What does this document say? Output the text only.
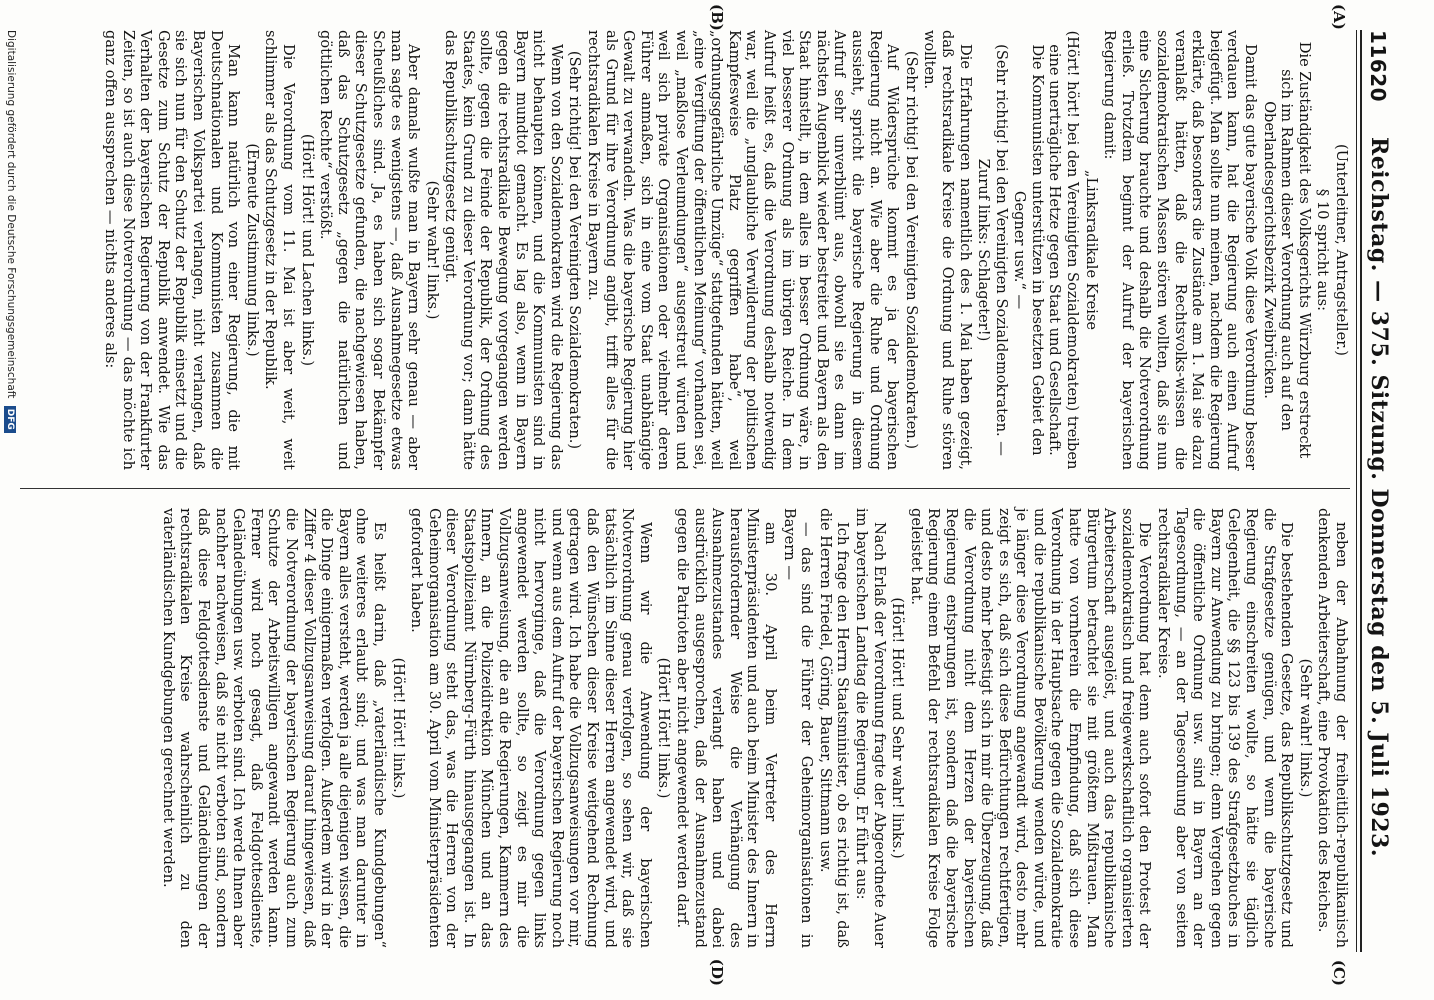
11620
Reichstag. — 375. Sitzung. Donnerstag den 5. Juli 1923.
(A)
(B)
(C)
(D)

(Unterleitner, Antragsteller.)

§ 10 spricht aus:

Die Zuständigkeit des Volksgerichts Würzburg erstreckt sich im Rahmen dieser Verordnung auch auf den Oberlandesgerichtsbezirk Zweibrücken.

Damit das gute bayerische Volk diese Verordnung besser verdauen kann, hat die Regierung auch einen Aufruf beigefügt. Man sollte nun meinen, nachdem die Regierung erklärte, daß besonders die Zustände am 1. Mai sie dazu veranlaßt hätten, daß die Rechtsvolks-wissen die sozialdemokratischen Massen stören wollten, daß sie nun eine Sicherung brauchte und deshalb die Notverordnung erließ. Trotzdem beginnt der Aufruf der bayerischen Regierung damit:

„Linksradikale Kreise

(Hört! hört! bei den Vereinigten Sozialdemokraten) treiben eine unerträgliche Hetze gegen Staat und Gesellschaft. Die Kommunisten unterstützen in besetzten Gebiet den Gegner usw.“ —

(Sehr richtig! bei den Vereinigten Sozialdemokraten. — Zuruf links: Schlageter!)

Die Erfahrungen namentlich des 1. Mai haben gezeigt, daß rechtsradikale Kreise die Ordnung und Ruhe stören wollten.

(Sehr richtig! bei den Vereinigten Sozialdemokraten.)

Auf Widersprüche kommt es ja der bayerischen Regierung nicht an. Wie aber die Ruhe und Ordnung aussieht, spricht die bayerische Regierung in diesem Aufruf sehr unverblümt aus, obwohl sie es dann im nächsten Augenblick wieder bestreitet und Bayern als den Staat hinstellt, in dem alles in besser Ordnung wäre, in viel besserer Ordnung als im übrigen Reiche. In dem Aufruf heißt es, daß die Verordnung deshalb notwendig war, weil die „unglaubliche Verwilderung der politischen Kampfesweise Platz gegriffen habe“, weil „ordnungsgefährliche Umzüge“ stattgefunden hätten, weil „eine Vergiftung der öffentlichen Meinung“ vorhanden sei, weil „maßlose Verleumdungen“ ausgestreut würden und weil sich private Organisationen oder vielmehr deren Führer anmaßen, sich in eine vom Staat unabhängige Gewalt zu verwandeln. Was die bayerische Regierung hier als Grund für ihre Verordnung angibt, trifft alles für die rechtsradikalen Kreise in Bayern zu.

(Sehr richtig! bei den Vereinigten Sozialdemokraten.)

Wenn von den Sozialdemokraten wird die Regierung das nicht behaupten können, und die Kommunisten sind in Bayern mundtot gemacht. Es lag also, wenn in Bayern gegen die rechtsradikale Bewegung vorgegangen werden sollte, gegen die Feinde der Republik, der Ordnung des Staates, kein Grund zu dieser Verordnung vor; dann hätte das Republikschutzgesetz genügt.

(Sehr wahr! links.)

Aber damals wußte man in Bayern sehr genau — aber man sagte es wenigstens —, daß Ausnahmegesetze etwas Scheußliches sind. Ja, es haben sich sogar Bekämpfer dieser Schutzgesetze gefunden, die nachgewiesen haben, daß das Schutzgesetz „gegen die natürlichen und göttlichen Rechte“ verstößt.

(Hört! Hört! und Lachen links.)

Die Verordnung vom 11. Mai ist aber weit, weit schlimmer als das Schutzgesetz in der Republik.

(Erneute Zustimmung links.)

Man kann natürlich von einer Regierung, die mit Deutschnationalen und Kommunisten zusammen die Bayerischen Volkspartei verlangen, nicht verlangen, daß sie sich nun für den Schutz der Republik einsetzt und die Gesetze zum Schutz der Republik anwendet. Wie das Verhalten der bayerischen Regierung von der Frankfurter Zeiten, so ist auch diese Notverordnung — das möchte ich ganz offen aussprechen — nichts anderes als:

neben der Anbahnung der freiheitlich-republikanisch denkenden Arbeiterschaft, eine Provokation des Reiches.

(Sehr wahr! links.)

Die bestehenden Gesetze, das Republikschutzgesetz und die Strafgesetze genügen, und wenn die bayerische Regierung einschreiten wollte, so hätte sie täglich Gelegenheit, die §§ 123 bis 139 des Strafgesetzbuches in Bayern zur Anwendung zu bringen; denn Vergehen gegen die öffentliche Ordnung usw. sind in Bayern an der Tagesordnung, — an der Tagesordnung aber von seiten rechtsradikaler Kreise.

Die Verordnung hat denn auch sofort den Protest der sozialdemokratisch und freigewerkschaftlich organisierten Arbeiterschaft ausgelöst, und auch das republikanische Bürgertum betrachtet sie mit größtem Mißtrauen. Man hatte von vornherein die Empfindung, daß sich diese Verordnung in der Hauptsache gegen die Sozialdemokratie und die republikanische Bevölkerung wenden würde, und je länger diese Verordnung angewandt wird, desto mehr zeigt es sich, daß sich diese Befürchtungen rechtfertigen, und desto mehr befestigt sich in mir die Überzeugung, daß die Verordnung nicht dem Herzen der bayerischen Regierung entsprungen ist, sondern daß die bayerische Regierung einem Befehl der rechtsradikalen Kreise Folge geleistet hat.

(Hört! Hört! und Sehr wahr! links.)

Nach Erlaß der Verordnung fragte der Abgeordnete Auer im bayerischen Landtag die Regierung. Er führt aus:

Ich frage den Herrn Staatsminister, ob es richtig ist, daß die Herren Friedel, Göring, Bauer, Sittmann usw.

— das sind die Führer der Geheimorganisationen in Bayern —

am 30. April beim Vertreter des Herrn Ministerpräsidenten und auch beim Minister des Innern in herausfordernder Weise die Verhängung des Ausnahmezustandes verlangt haben und dabei ausdrücklich ausgesprochen, daß der Ausnahmezustand gegen die Patrioten aber nicht angewendet werden darf.

(Hört! Hört! links.)

Wenn wir die Anwendung der bayerischen Notverordnung genau verfolgen, so sehen wir, daß sie tatsächlich im Sinne dieser Herren angewendet wird, und daß den Wünschen dieser Kreise weitgehend Rechnung getragen wird. Ich habe die Vollzugsanweisungen vor mir, und wenn aus dem Aufruf der bayerischen Regierung noch nicht hervorginge, daß die Verordnung gegen links angewendet werden sollte, so zeigt es mir die Vollzugsanweisung, die an die Regierungen, Kammern des Innern, an die Polizeidirektion München und an das Staatspolizeiamt Nürnberg-Fürth hinausgegangen ist. In dieser Verordnung steht das, was die Herren von der Geheimorganisation am 30. April vom Ministerpräsidenten gefordert haben.

(Hört! Hört! links.)

Es heißt darin, daß „vaterländische Kundgebungen“ ohne weiteres erlaubt sind; und was man darunter in Bayern alles versteht, werden ja alle diejenigen wissen, die die Dinge einigermaßen verfolgen. Außerdem wird in der Ziffer 4 dieser Vollzugsanweisung darauf hingewiesen, daß die Notverordnung der bayerischen Regierung auch zum Schutze der Arbeitswilligen angewandt werden kann. Ferner wird noch gesagt, daß Feldgottesdienste, Geländeübungen usw. verboten sind. Ich werde Ihnen aber nachher nachweisen, daß sie nicht verboten sind, sondern daß diese Feldgottesdienste und Geländeübungen der rechtsradikalen Kreise wahrscheinlich zu den vaterländischen Kundgebungen gerechnet werden.

Digitalisierung gefördert durch die Deutsche Forschungsgemeinschaft DFG
